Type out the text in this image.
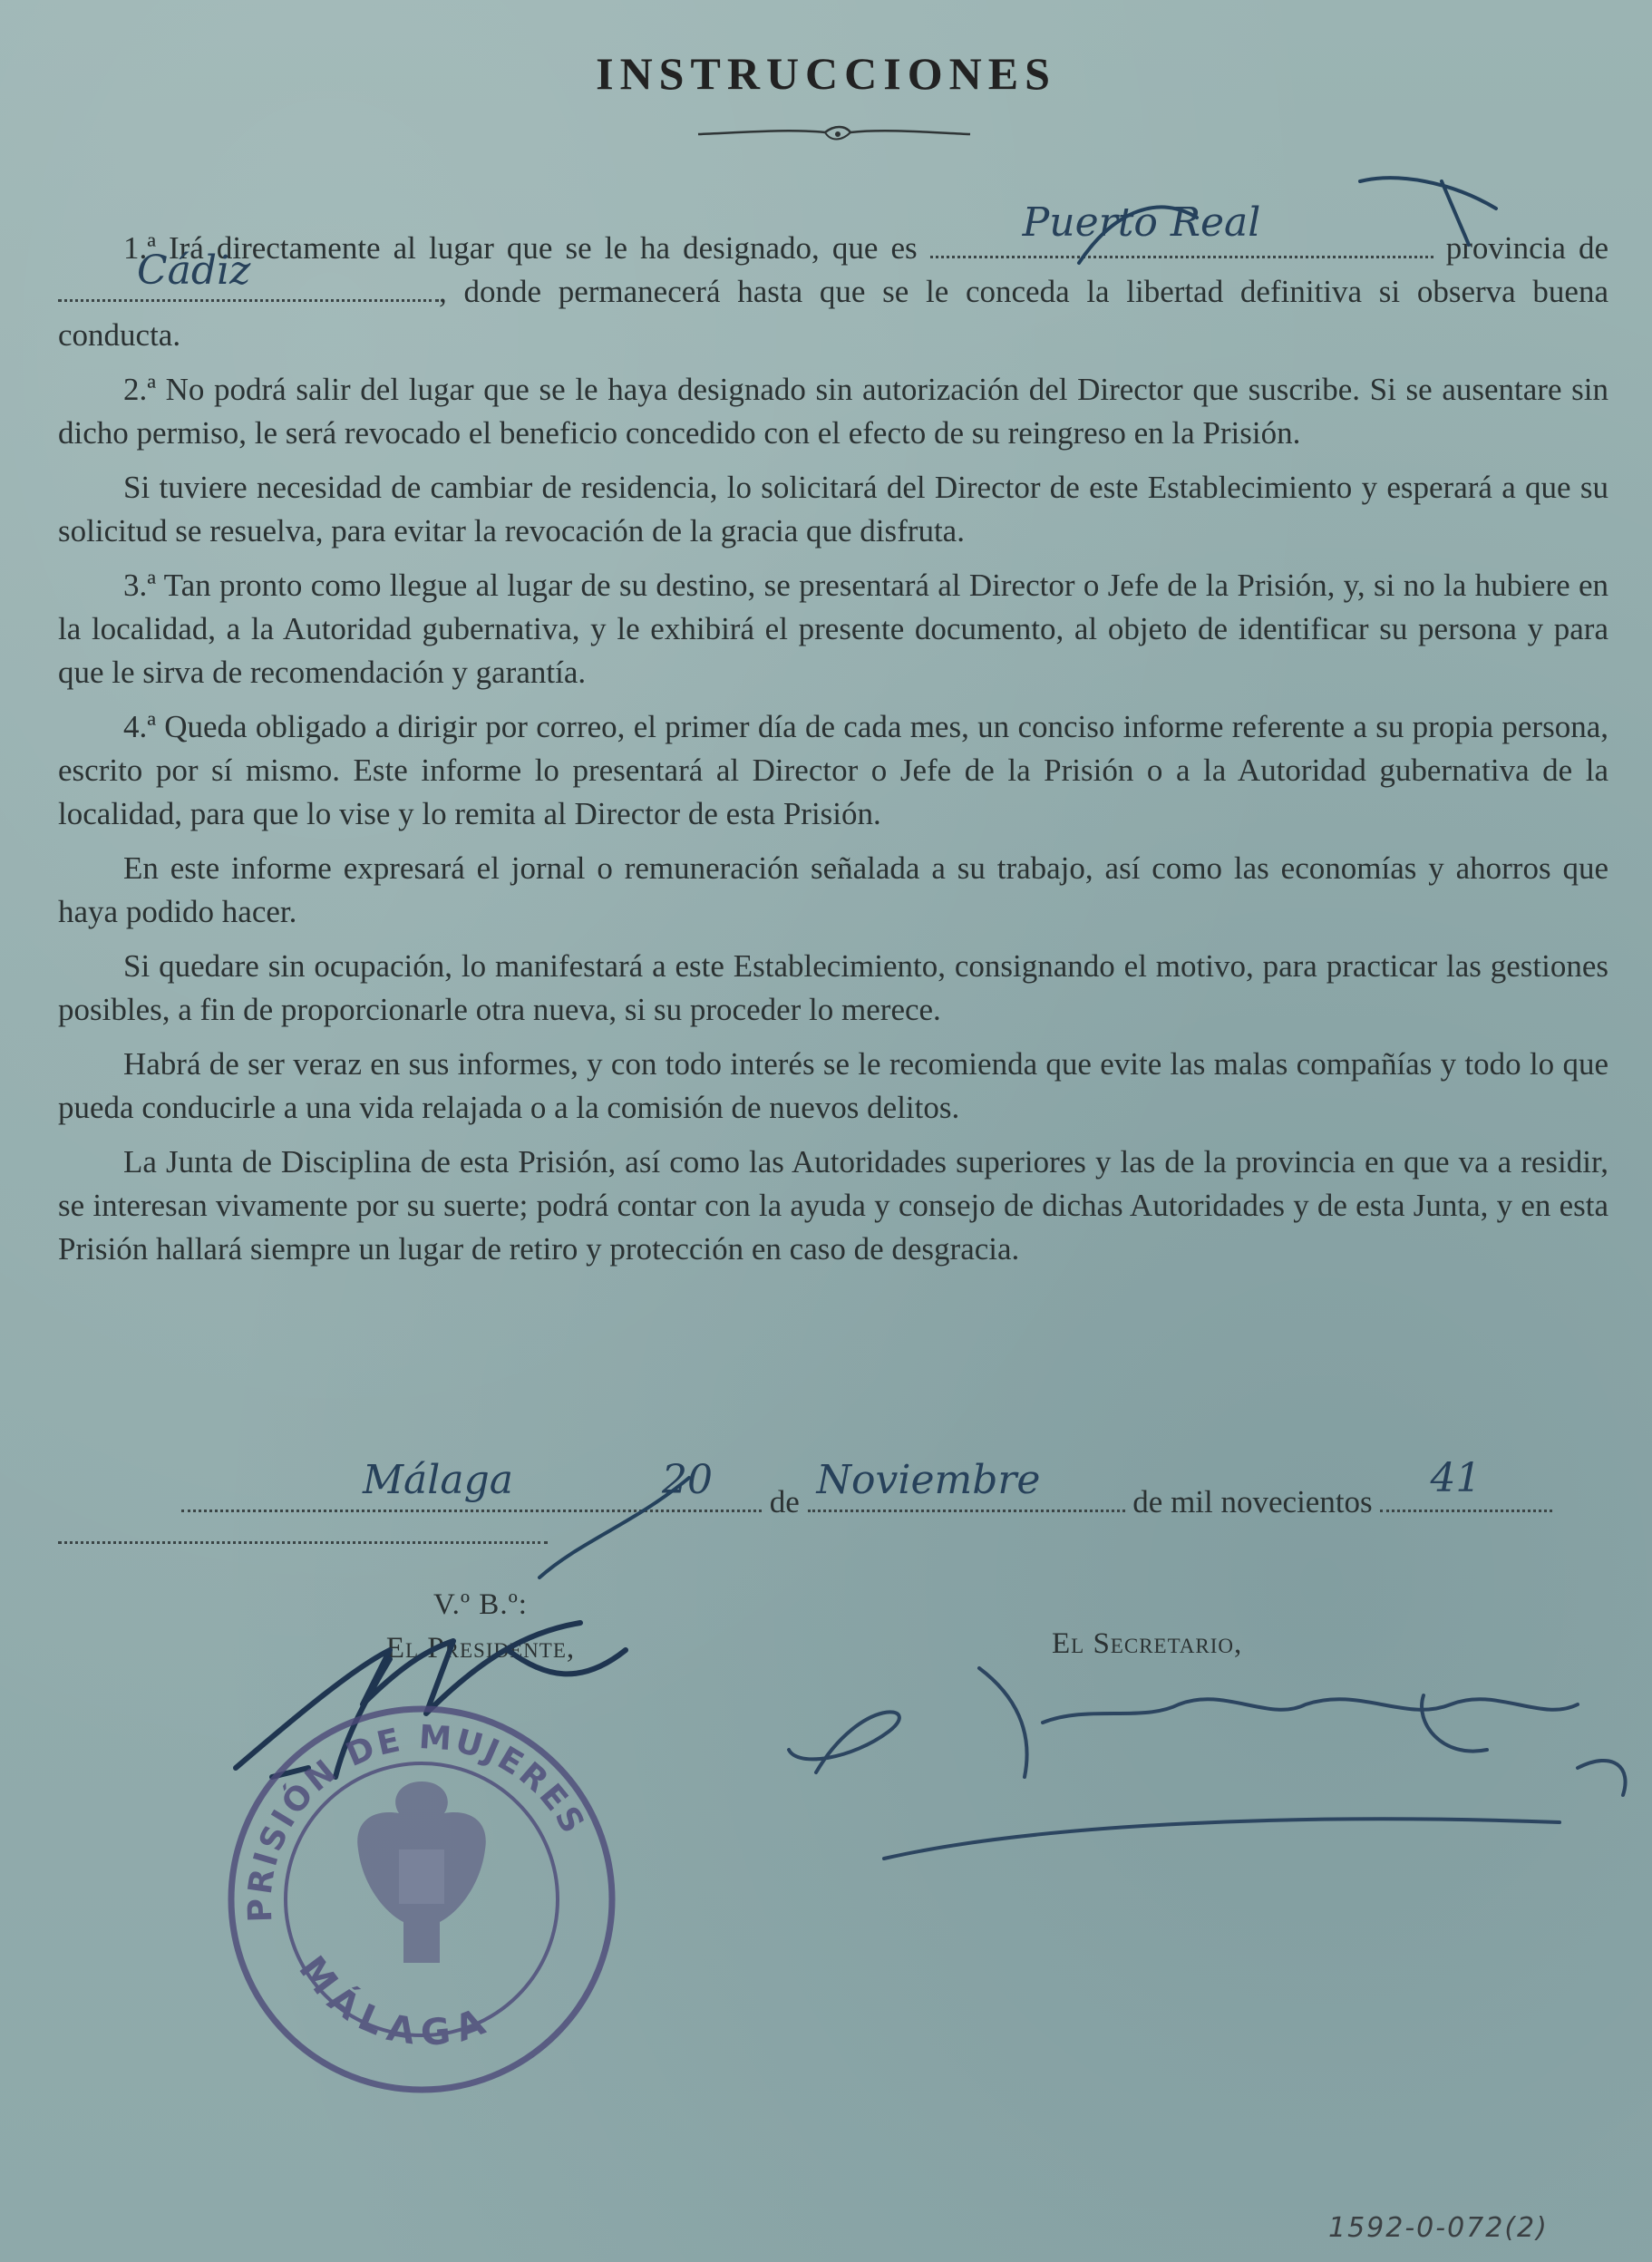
INSTRUCCIONES

1.ª Irá directamente al lugar que se le ha designado, que es
Puerto Real
provincia de
Cádiz	, donde permanecerá hasta que se le conceda la libertad definitiva si observa buena conducta.

2.ª No podrá salir del lugar que se le haya designado sin autorización del Director que suscribe. Si se ausentare sin dicho permiso, le será revocado el beneficio concedido con el efecto de su reingreso en la Prisión.

Si tuviere necesidad de cambiar de residencia, lo solicitará del Director de este Establecimiento y esperará a que su solicitud se resuelva, para evitar la revocación de la gracia que disfruta.

3.ª Tan pronto como llegue al lugar de su destino, se presentará al Director o Jefe de la Prisión, y, si no la hubiere en la localidad, a la Autoridad gubernativa, y le exhibirá el presente documento, al objeto de identificar su persona y para que le sirva de recomendación y garantía.

4.ª Queda obligado a dirigir por correo, el primer día de cada mes, un conciso informe referente a su propia persona, escrito por sí mismo. Este informe lo presentará al Director o Jefe de la Prisión o a la Autoridad gubernativa de la localidad, para que lo vise y lo remita al Director de esta Prisión.

En este informe expresará el jornal o remuneración señalada a su trabajo, así como las economías y ahorros que haya podido hacer.

Si quedare sin ocupación, lo manifestará a este Establecimiento, consignando el motivo, para practicar las gestiones posibles, a fin de proporcionarle otra nueva, si su proceder lo merece.

Habrá de ser veraz en sus informes, y con todo interés se le recomienda que evite las malas compañías y todo lo que pueda conducirle a una vida relajada o a la comisión de nuevos delitos.

La Junta de Disciplina de esta Prisión, así como las Autoridades superiores y las de la provincia en que va a residir, se interesan vivamente por su suerte; podrá contar con la ayuda y consejo de dichas Autoridades y de esta Junta, y en esta Prisión hallará siempre un lugar de retiro y protección en caso de desgracia.

Málaga	20 de Noviembre	de mil novecientos
41
V.º B.º:
El Presidente,	El Secretario,
PRISIÓN DE MUJERES
MÁLAGA
1592-0-072(2)
